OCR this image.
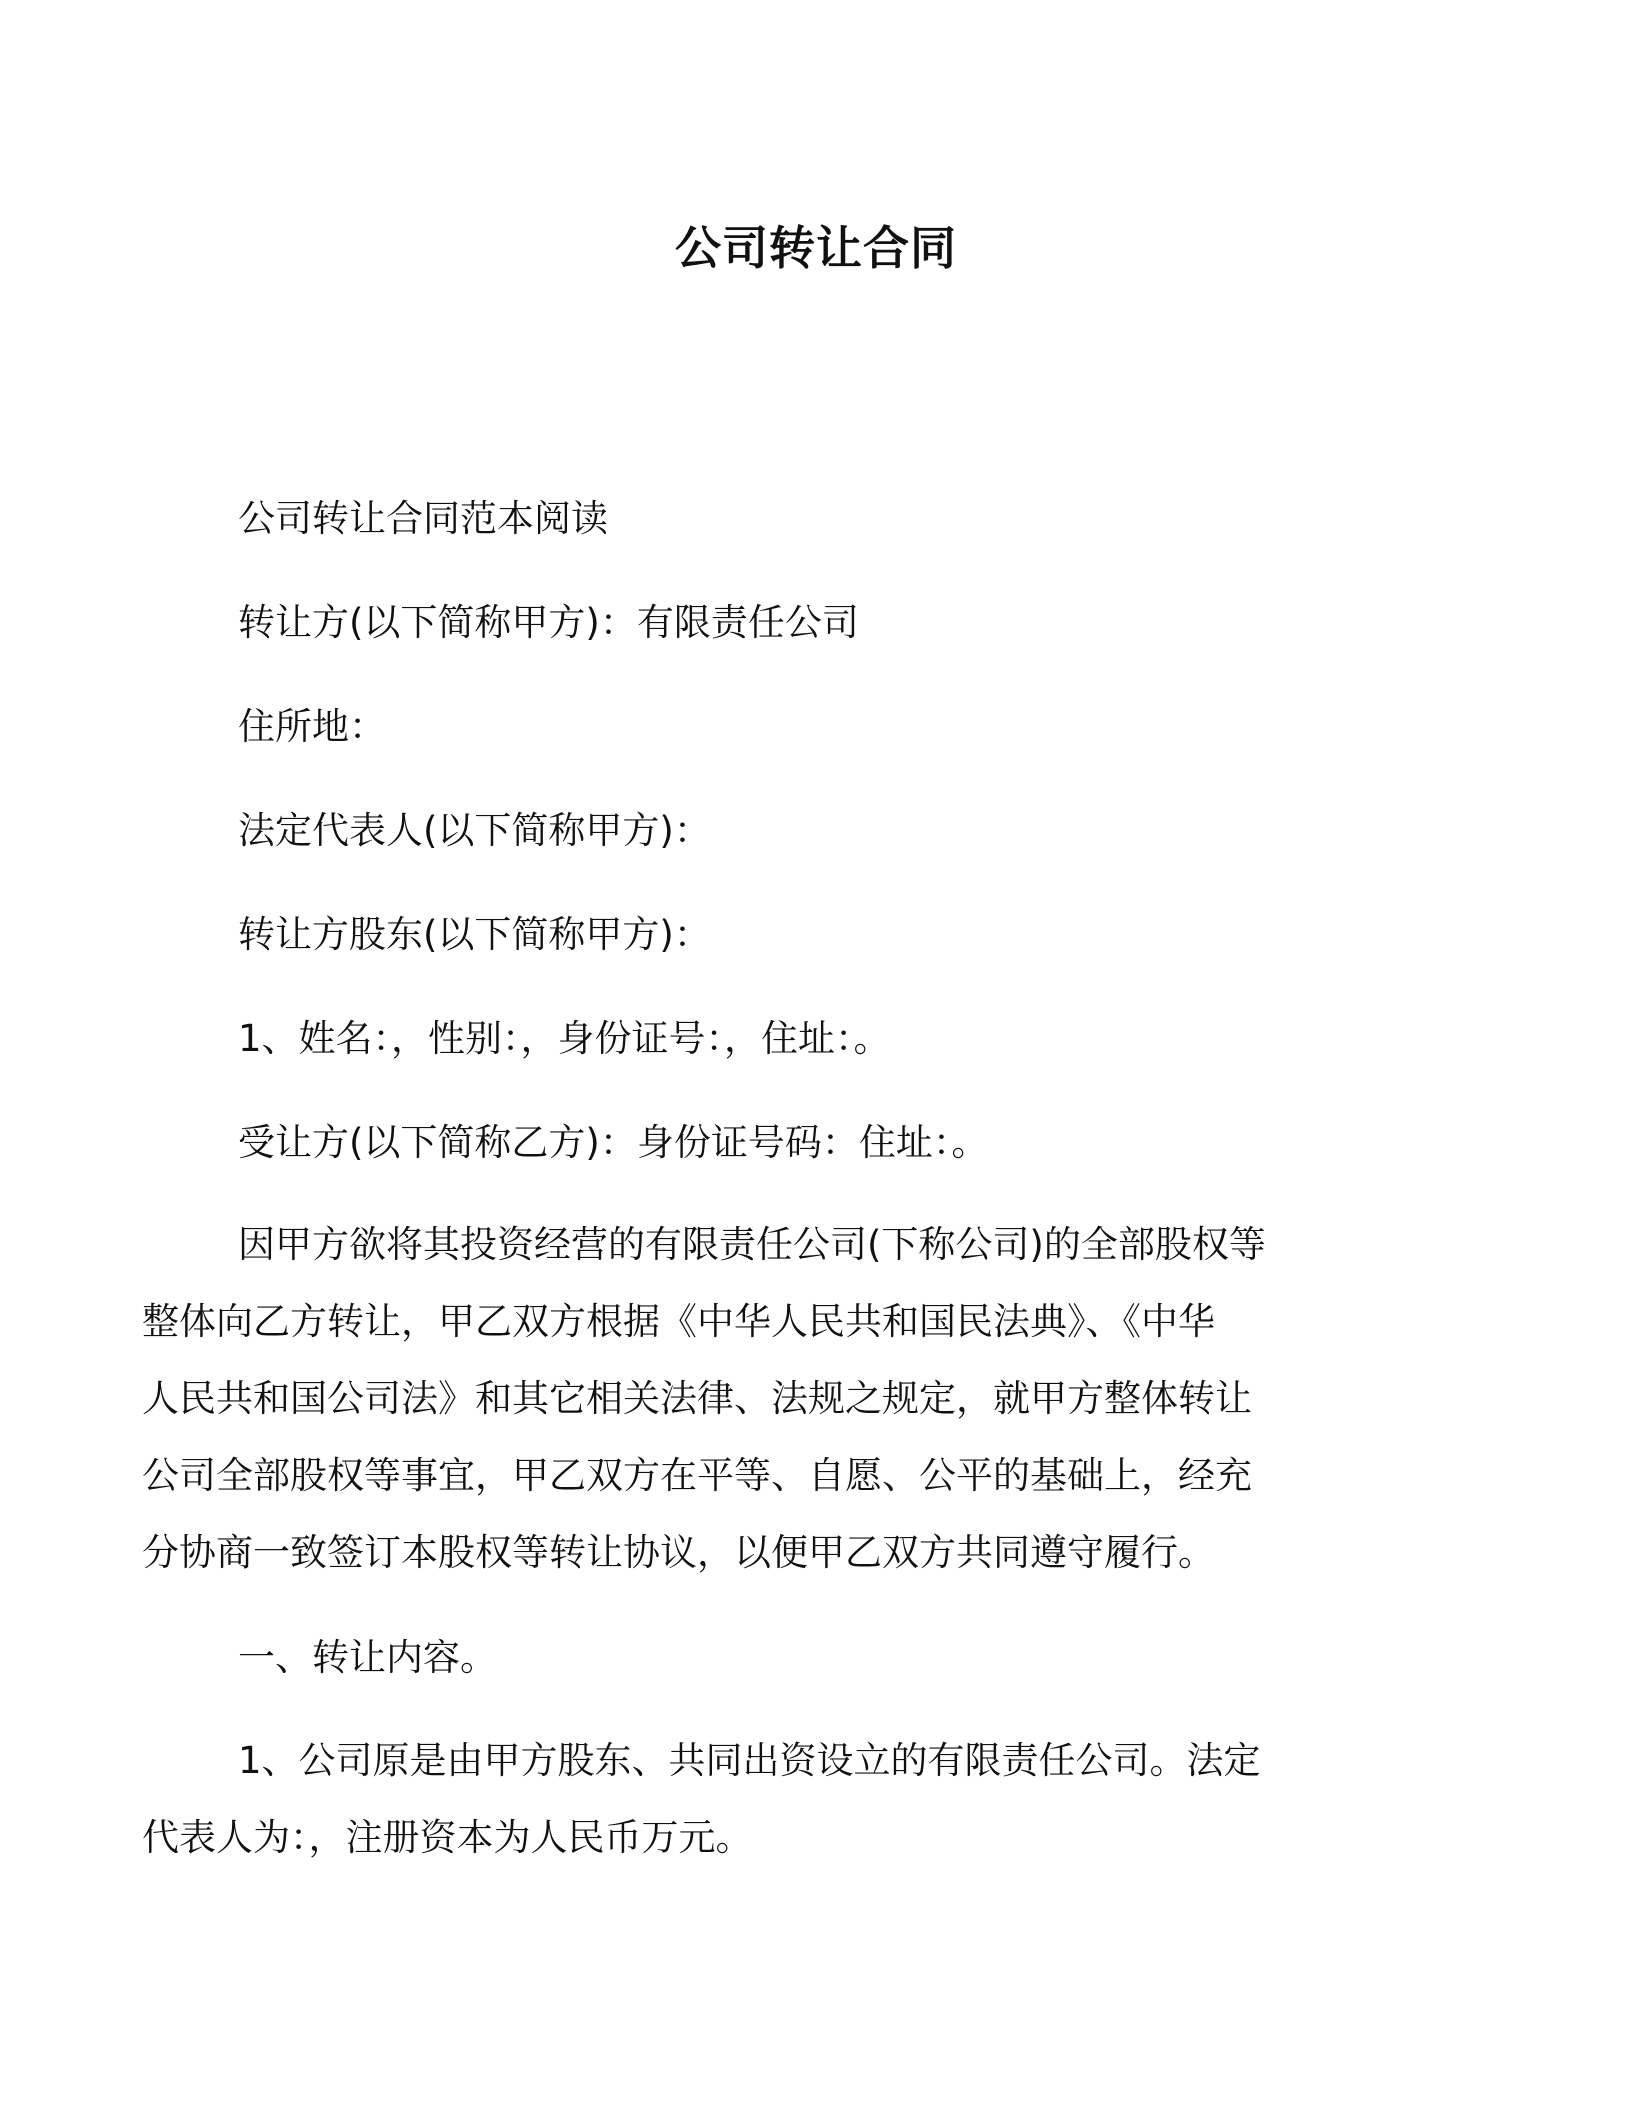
公司转让合同

公司转让合同范本阅读

转让方(以下简称甲方)：有限责任公司

住所地：

法定代表人(以下简称甲方)：

转让方股东(以下简称甲方)：

1、姓名：，性别：，身份证号：，住址：。

受让方(以下简称乙方)：身份证号码：住址：。

因甲方欲将其投资经营的有限责任公司(下称公司)的全部股权等
整体向乙方转让，甲乙双方根据《中华人民共和国民法典》、《中华
人民共和国公司法》和其它相关法律、法规之规定，就甲方整体转让
公司全部股权等事宜，甲乙双方在平等、自愿、公平的基础上，经充
分协商一致签订本股权等转让协议，以便甲乙双方共同遵守履行。

一、转让内容。

1、公司原是由甲方股东、共同出资设立的有限责任公司。法定
代表人为：，注册资本为人民币万元。
